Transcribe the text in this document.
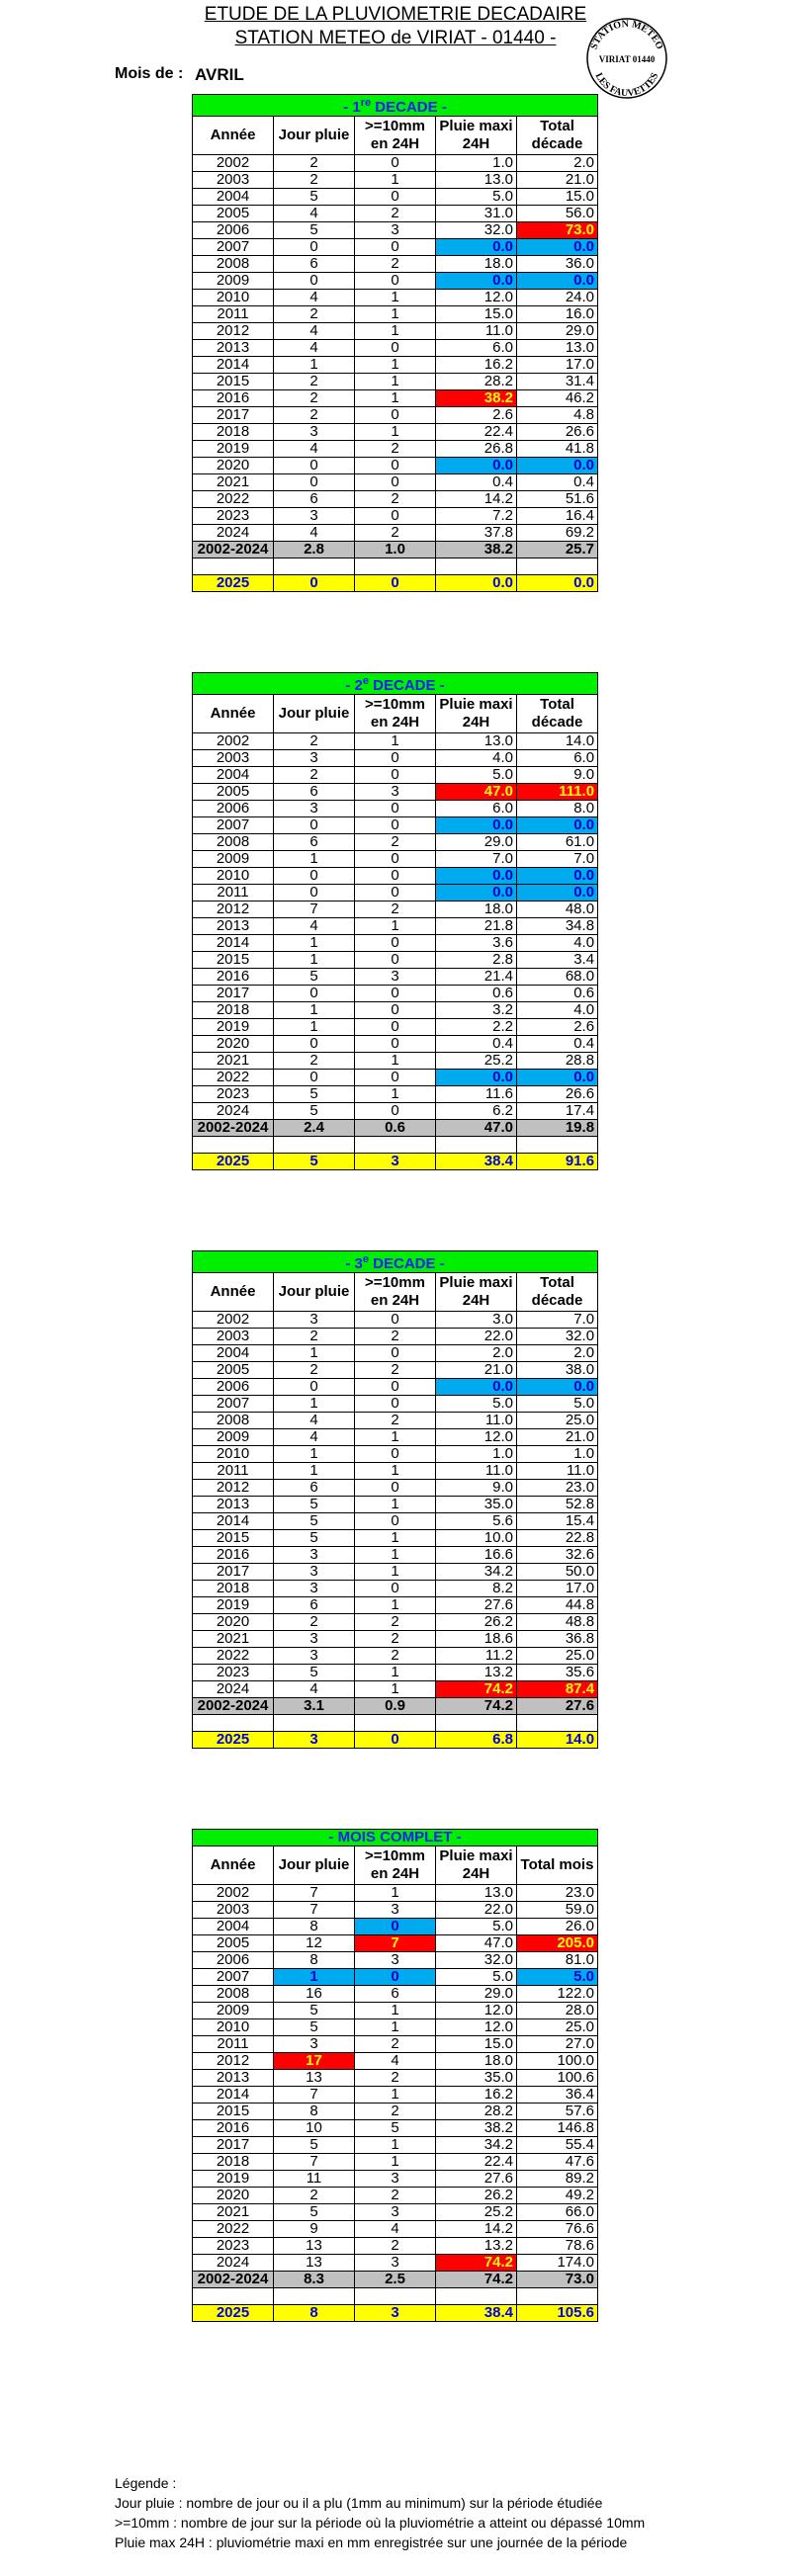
ETUDE DE LA PLUVIOMETRIE DECADAIRE
STATION METEO de VIRIAT - 01440 -
Mois de : AVRIL
STATION METEO
LES FAUVETTES
VIRIAT 01440
- 1re DECADE -				
Année	Jour pluie	>=10mm en 24H	Pluie maxi 24H	Total décade
2002	2	0	1.0	2.0
2003	2	1	13.0	21.0
2004	5	0	5.0	15.0
2005	4	2	31.0	56.0
2006	5	3	32.0	73.0
2007	0	0	0.0	0.0
2008	6	2	18.0	36.0
2009	0	0	0.0	0.0
2010	4	1	12.0	24.0
2011	2	1	15.0	16.0
2012	4	1	11.0	29.0
2013	4	0	6.0	13.0
2014	1	1	16.2	17.0
2015	2	1	28.2	31.4
2016	2	1	38.2	46.2
2017	2	0	2.6	4.8
2018	3	1	22.4	26.6
2019	4	2	26.8	41.8
2020	0	0	0.0	0.0
2021	0	0	0.4	0.4
2022	6	2	14.2	51.6
2023	3	0	7.2	16.4
2024	4	2	37.8	69.2
2002-2024	2.8	1.0	38.2	25.7

2025	0	0	0.0	0.0
- 2e DECADE -				
Année	Jour pluie	>=10mm en 24H	Pluie maxi 24H	Total décade
2002	2	1	13.0	14.0
2003	3	0	4.0	6.0
2004	2	0	5.0	9.0
2005	6	3	47.0	111.0
2006	3	0	6.0	8.0
2007	0	0	0.0	0.0
2008	6	2	29.0	61.0
2009	1	0	7.0	7.0
2010	0	0	0.0	0.0
2011	0	0	0.0	0.0
2012	7	2	18.0	48.0
2013	4	1	21.8	34.8
2014	1	0	3.6	4.0
2015	1	0	2.8	3.4
2016	5	3	21.4	68.0
2017	0	0	0.6	0.6
2018	1	0	3.2	4.0
2019	1	0	2.2	2.6
2020	0	0	0.4	0.4
2021	2	1	25.2	28.8
2022	0	0	0.0	0.0
2023	5	1	11.6	26.6
2024	5	0	6.2	17.4
2002-2024	2.4	0.6	47.0	19.8

2025	5	3	38.4	91.6
- 3e DECADE -				
Année	Jour pluie	>=10mm en 24H	Pluie maxi 24H	Total décade
2002	3	0	3.0	7.0
2003	2	2	22.0	32.0
2004	1	0	2.0	2.0
2005	2	2	21.0	38.0
2006	0	0	0.0	0.0
2007	1	0	5.0	5.0
2008	4	2	11.0	25.0
2009	4	1	12.0	21.0
2010	1	0	1.0	1.0
2011	1	1	11.0	11.0
2012	6	0	9.0	23.0
2013	5	1	35.0	52.8
2014	5	0	5.6	15.4
2015	5	1	10.0	22.8
2016	3	1	16.6	32.6
2017	3	1	34.2	50.0
2018	3	0	8.2	17.0
2019	6	1	27.6	44.8
2020	2	2	26.2	48.8
2021	3	2	18.6	36.8
2022	3	2	11.2	25.0
2023	5	1	13.2	35.6
2024	4	1	74.2	87.4
2002-2024	3.1	0.9	74.2	27.6

2025	3	0	6.8	14.0
- MOIS COMPLET -				
Année	Jour pluie	>=10mm en 24H	Pluie maxi 24H	Total mois
2002	7	1	13.0	23.0
2003	7	3	22.0	59.0
2004	8	0	5.0	26.0
2005	12	7	47.0	205.0
2006	8	3	32.0	81.0
2007	1	0	5.0	5.0
2008	16	6	29.0	122.0
2009	5	1	12.0	28.0
2010	5	1	12.0	25.0
2011	3	2	15.0	27.0
2012	17	4	18.0	100.0
2013	13	2	35.0	100.6
2014	7	1	16.2	36.4
2015	8	2	28.2	57.6
2016	10	5	38.2	146.8
2017	5	1	34.2	55.4
2018	7	1	22.4	47.6
2019	11	3	27.6	89.2
2020	2	2	26.2	49.2
2021	5	3	25.2	66.0
2022	9	4	14.2	76.6
2023	13	2	13.2	78.6
2024	13	3	74.2	174.0
2002-2024	8.3	2.5	74.2	73.0

2025	8	3	38.4	105.6
Légende :
Jour pluie : nombre de jour ou il a plu (1mm au minimum) sur la période étudiée
>=10mm : nombre de jour sur la période où la pluviométrie a atteint ou dépassé 10mm
Pluie max 24H : pluviométrie maxi en mm enregistrée sur une journée de la période
